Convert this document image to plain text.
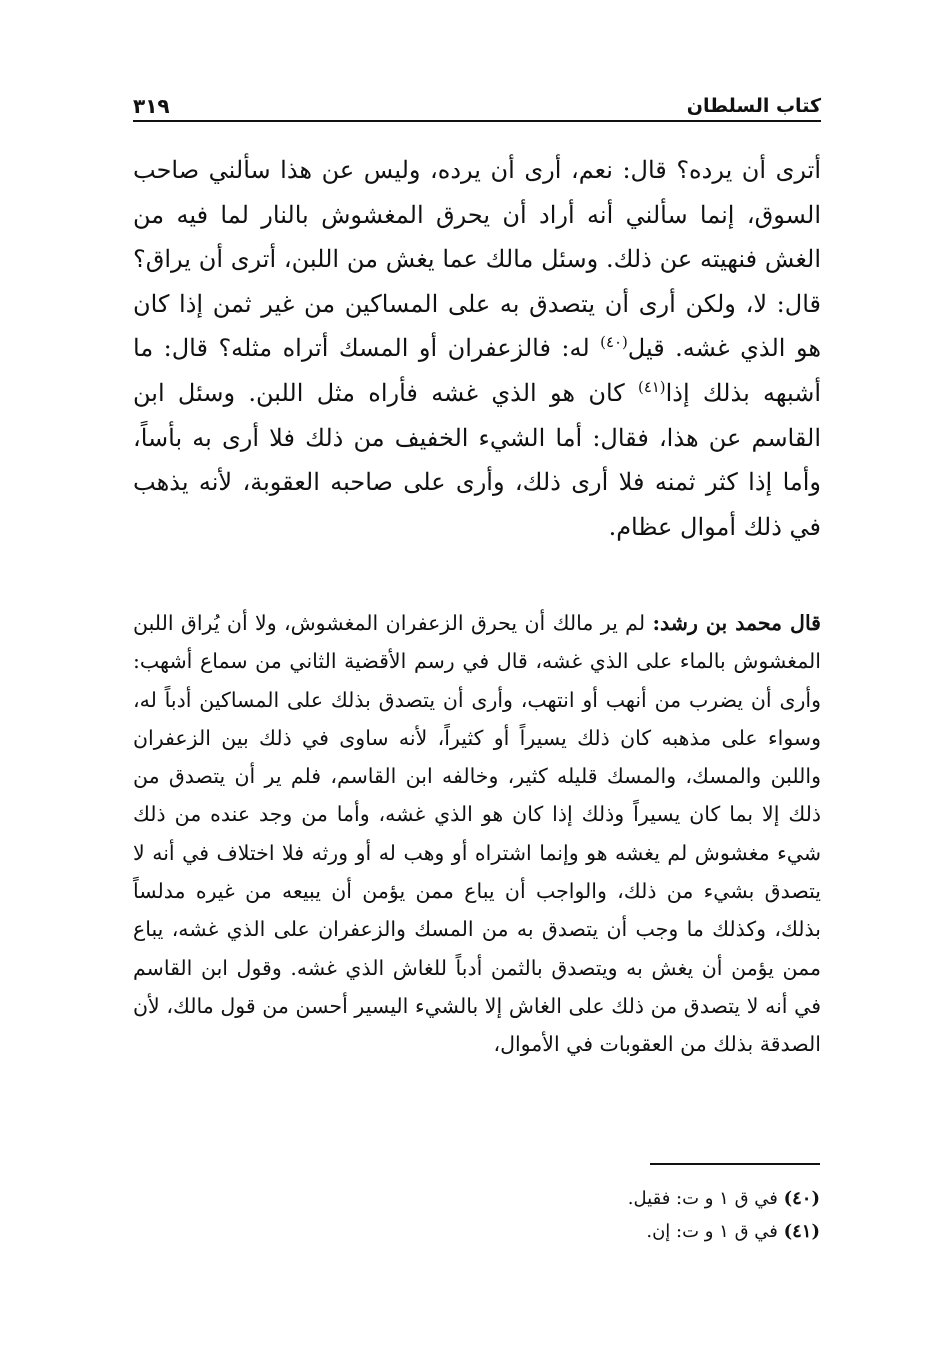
كتاب السلطان
٣١٩

أترى أن يرده؟ قال: نعم، أرى أن يرده، وليس عن هذا سألني صاحب السوق، إنما سألني أنه أراد أن يحرق المغشوش بالنار لما فيه من الغش فنهيته عن ذلك. وسئل مالك عما يغش من اللبن، أترى أن يراق؟ قال: لا، ولكن أرى أن يتصدق به على المساكين من غير ثمن إذا كان هو الذي غشه. قيل$^{(٤٠)}$ له: فالزعفران أو المسك أتراه مثله؟ قال: ما أشبهه بذلك إذا$^{(٤١)}$ كان هو الذي غشه فأراه مثل اللبن. وسئل ابن القاسم عن هذا، فقال: أما الشيء الخفيف من ذلك فلا أرى به بأساً، وأما إذا كثر ثمنه فلا أرى ذلك، وأرى على صاحبه العقوبة، لأنه يذهب في ذلك أموال عظام.

قال محمد بن رشد: لم ير مالك أن يحرق الزعفران المغشوش، ولا أن يُراق اللبن المغشوش بالماء على الذي غشه، قال في رسم الأقضية الثاني من سماع أشهب: وأرى أن يضرب من أنهب أو انتهب، وأرى أن يتصدق بذلك على المساكين أدباً له، وسواء على مذهبه كان ذلك يسيراً أو كثيراً، لأنه ساوى في ذلك بين الزعفران واللبن والمسك، والمسك قليله كثير، وخالفه ابن القاسم، فلم ير أن يتصدق من ذلك إلا بما كان يسيراً وذلك إذا كان هو الذي غشه، وأما من وجد عنده من ذلك شيء مغشوش لم يغشه هو وإنما اشتراه أو وهب له أو ورثه فلا اختلاف في أنه لا يتصدق بشيء من ذلك، والواجب أن يباع ممن يؤمن أن يبيعه من غيره مدلساً بذلك، وكذلك ما وجب أن يتصدق به من المسك والزعفران على الذي غشه، يباع ممن يؤمن أن يغش به ويتصدق بالثمن أدباً للغاش الذي غشه. وقول ابن القاسم في أنه لا يتصدق من ذلك على الغاش إلا بالشيء اليسير أحسن من قول مالك، لأن الصدقة بذلك من العقوبات في الأموال،

(٤٠) في ق ١ و ت: فقيل.
(٤١) في ق ١ و ت: إن.
